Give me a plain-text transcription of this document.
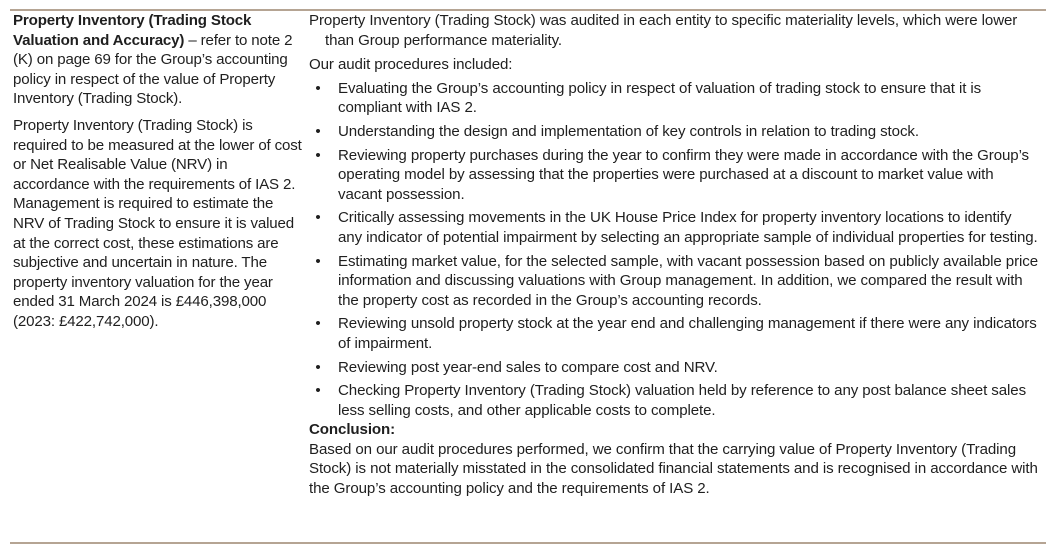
Property Inventory (Trading Stock Valuation and Accuracy) – refer to note 2 (K) on page 69 for the Group’s accounting policy in respect of the value of Property Inventory (Trading Stock).

Property Inventory (Trading Stock) is required to be measured at the lower of cost or Net Realisable Value (NRV) in accordance with the requirements of IAS 2. Management is required to estimate the NRV of Trading Stock to ensure it is valued at the correct cost, these estimations are subjective and uncertain in nature. The property inventory valuation for the year ended 31 March 2024 is £446,398,000 (2023: £422,742,000).

Property Inventory (Trading Stock) was audited in each entity to specific materiality levels, which were lower than Group performance materiality.

Our audit procedures included:

• Evaluating the Group’s accounting policy in respect of valuation of trading stock to ensure that it is compliant with IAS 2.
• Understanding the design and implementation of key controls in relation to trading stock.
• Reviewing property purchases during the year to confirm they were made in accordance with the Group’s operating model by assessing that the properties were purchased at a discount to market value with vacant possession.
• Critically assessing movements in the UK House Price Index for property inventory locations to identify any indicator of potential impairment by selecting an appropriate sample of individual properties for testing.
• Estimating market value, for the selected sample, with vacant possession based on publicly available price information and discussing valuations with Group management. In addition, we compared the result with the property cost as recorded in the Group’s accounting records.
• Reviewing unsold property stock at the year end and challenging management if there were any indicators of impairment.
• Reviewing post year-end sales to compare cost and NRV.
• Checking Property Inventory (Trading Stock) valuation held by reference to any post balance sheet sales less selling costs, and other applicable costs to complete.

Conclusion:

Based on our audit procedures performed, we confirm that the carrying value of Property Inventory (Trading Stock) is not materially misstated in the consolidated financial statements and is recognised in accordance with the Group’s accounting policy and the requirements of IAS 2.
